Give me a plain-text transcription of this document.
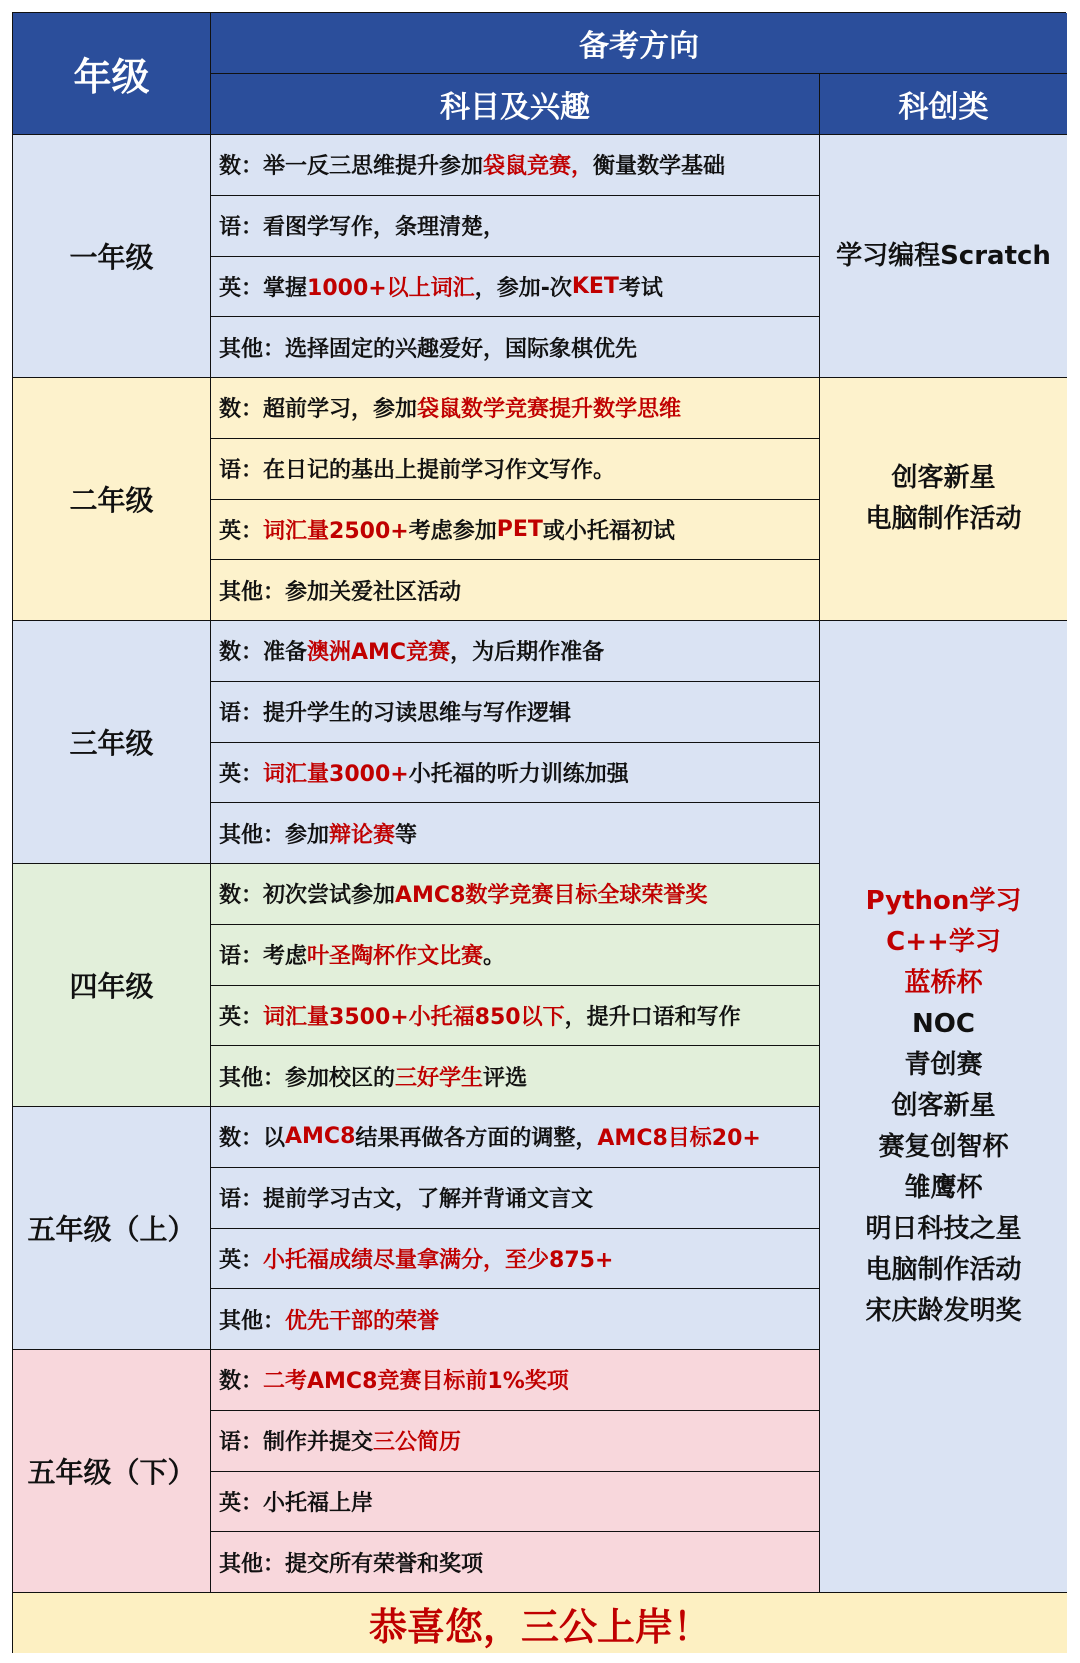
年级
备考方向
科目及兴趣	科创类
一年级
数：举一反三思维提升参加 袋鼠竞赛， 衡量数学基础
语：看图学写作，条理清楚，
英：掌握 1000+以上词汇 ，参加-次 KET 考试
其他：选择固定的兴趣爱好，国际象棋优先
二年级
数：超前学习，参加 袋鼠数学竞赛提升数学思维
语：在日记的基出上提前学习作文写作。
英： 词汇量2500+ 考虑参加 PET 或小托福初试
其他：参加关爱社区活动
三年级
数：准备 澳洲AMC竞赛 ，为后期作准备
语：提升学生的习读思维与写作逻辑
英： 词汇量3000+ 小托福的听力训练加强
其他：参加 辩论赛 等
四年级
数：初次尝试参加 AMC8数学竞赛目标全球荣誉奖
语：考虑 叶圣陶杯作文比赛 。
英： 词汇量3500+小托福850以下 ，提升口语和写作
其他：参加校区的 三好学生 评选
五年级（上）
数：以 AMC8 结果再做各方面的调整， AMC8目标20+
语：提前学习古文，了解并背诵文言文
英： 小托福成绩尽量拿满分，至少875+
其他： 优先干部的荣誉
五年级（下）
数： 二考AMC8竞赛目标前1%奖项
语：制作并提交 三公简历
英：小托福上岸
其他：提交所有荣誉和奖项
学习编程Scratch
创客新星
电脑制作活动
Python学习
C++学习
蓝桥杯
NOC
青创赛
创客新星
赛复创智杯
雏鹰杯
明日科技之星
电脑制作活动
宋庆龄发明奖
恭喜您，三公上岸！
